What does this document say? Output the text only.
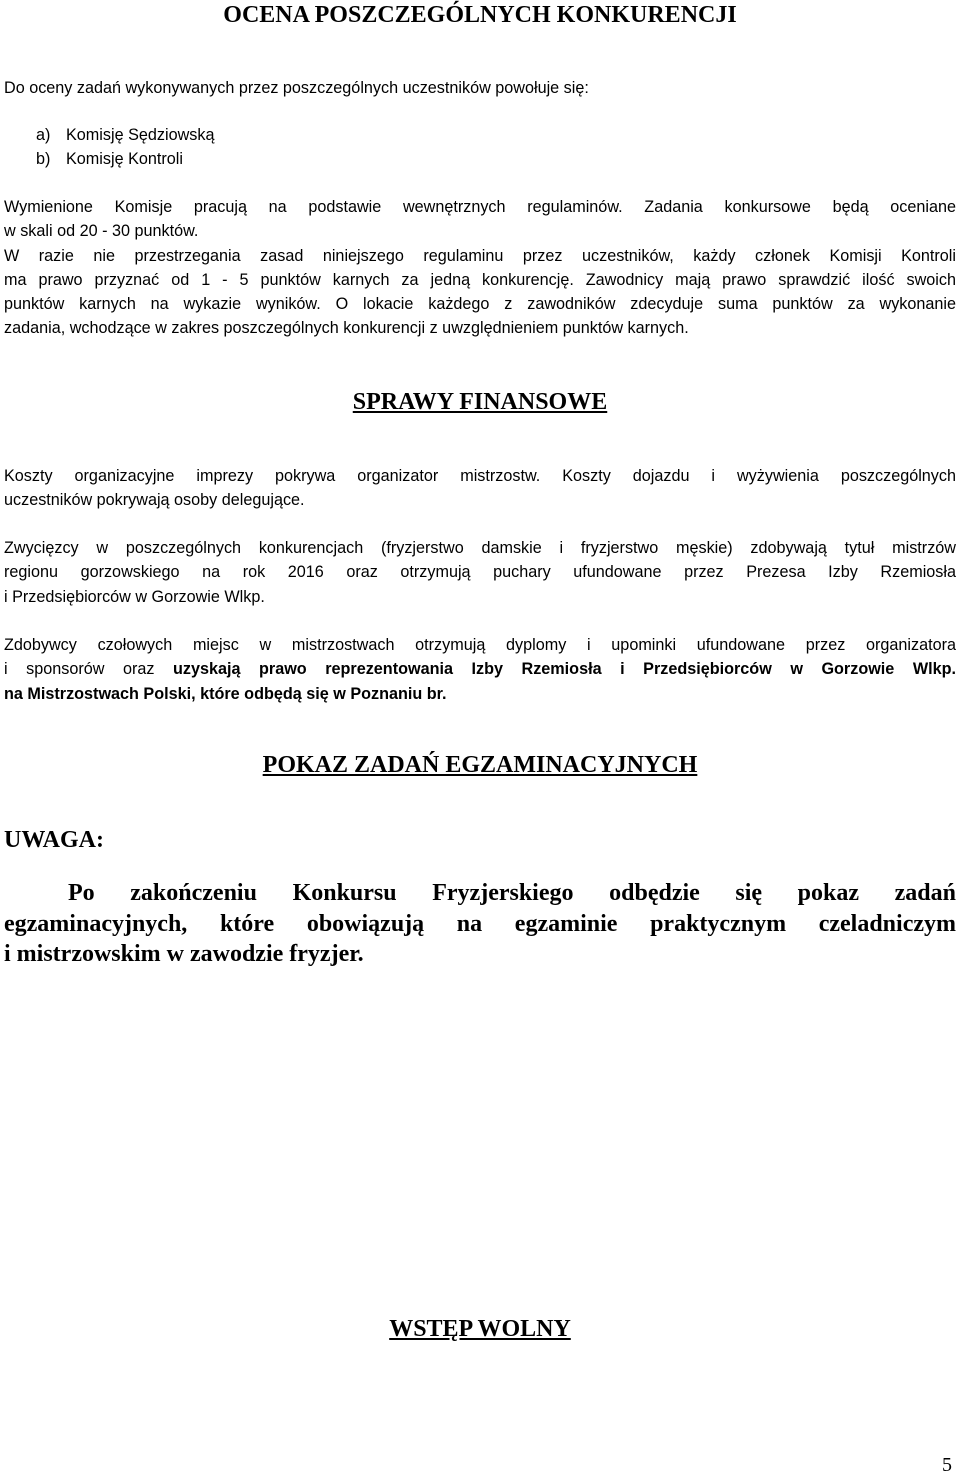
OCENA POSZCZEGÓLNYCH KONKURENCJI
Do oceny zadań wykonywanych przez poszczególnych uczestników powołuje się:
a) Komisję Sędziowską
b) Komisję Kontroli
Wymienione Komisje pracują na podstawie wewnętrznych regulaminów. Zadania konkursowe będą oceniane
w skali od 20 - 30 punktów.
W razie nie przestrzegania zasad niniejszego regulaminu przez uczestników, każdy członek Komisji Kontroli
ma prawo przyznać od 1 - 5 punktów karnych za jedną konkurencję. Zawodnicy mają prawo sprawdzić ilość swoich
punktów karnych na wykazie wyników. O lokacie każdego z zawodników zdecyduje suma punktów za wykonanie
zadania, wchodzące w zakres poszczególnych konkurencji z uwzględnieniem punktów karnych.
SPRAWY FINANSOWE
Koszty organizacyjne imprezy pokrywa organizator mistrzostw. Koszty dojazdu i wyżywienia poszczególnych
uczestników pokrywają osoby delegujące.
Zwycięzcy w poszczególnych konkurencjach (fryzjerstwo damskie i fryzjerstwo męskie) zdobywają tytuł mistrzów
regionu gorzowskiego na rok 2016 oraz otrzymują puchary ufundowane przez Prezesa Izby Rzemiosła
i Przedsiębiorców w Gorzowie Wlkp.
Zdobywcy czołowych miejsc w mistrzostwach otrzymują dyplomy i upominki ufundowane przez organizatora
i sponsorów oraz uzyskają prawo reprezentowania Izby Rzemiosła i Przedsiębiorców w Gorzowie Wlkp.
na Mistrzostwach Polski, które odbędą się w Poznaniu br.
POKAZ ZADAŃ EGZAMINACYJNYCH
UWAGA:
Po zakończeniu Konkursu Fryzjerskiego odbędzie się pokaz zadań
egzaminacyjnych, które obowiązują na egzaminie praktycznym czeladniczym
i mistrzowskim w zawodzie fryzjer.
WSTĘP WOLNY
5
